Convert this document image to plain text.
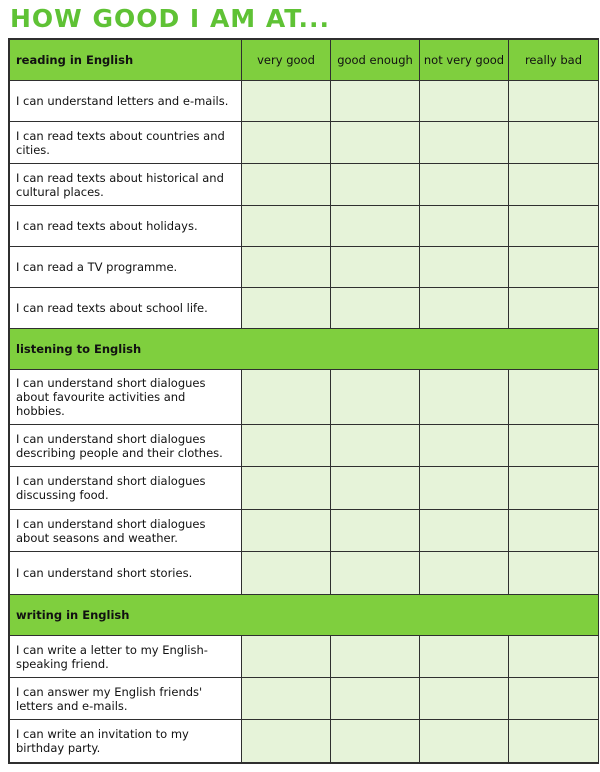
HOW GOOD I AM AT...
reading in English	very good	good enough	not very good	really bad
I can understand letters and e-mails.				
I can read texts about countries and cities.				
I can read texts about historical and cultural places.				
I can read texts about holidays.				
I can read a TV programme.				
I can read texts about school life.				
listening to English				
I can understand short dialogues about favourite activities and hobbies.				
I can understand short dialogues describing people and their clothes.				
I can understand short dialogues discussing food.				
I can understand short dialogues about seasons and weather.				
I can understand short stories.				
writing in English				
I can write a letter to my English-speaking friend.				
I can answer my English friends' letters and e-mails.				
I can write an invitation to my birthday party.				
